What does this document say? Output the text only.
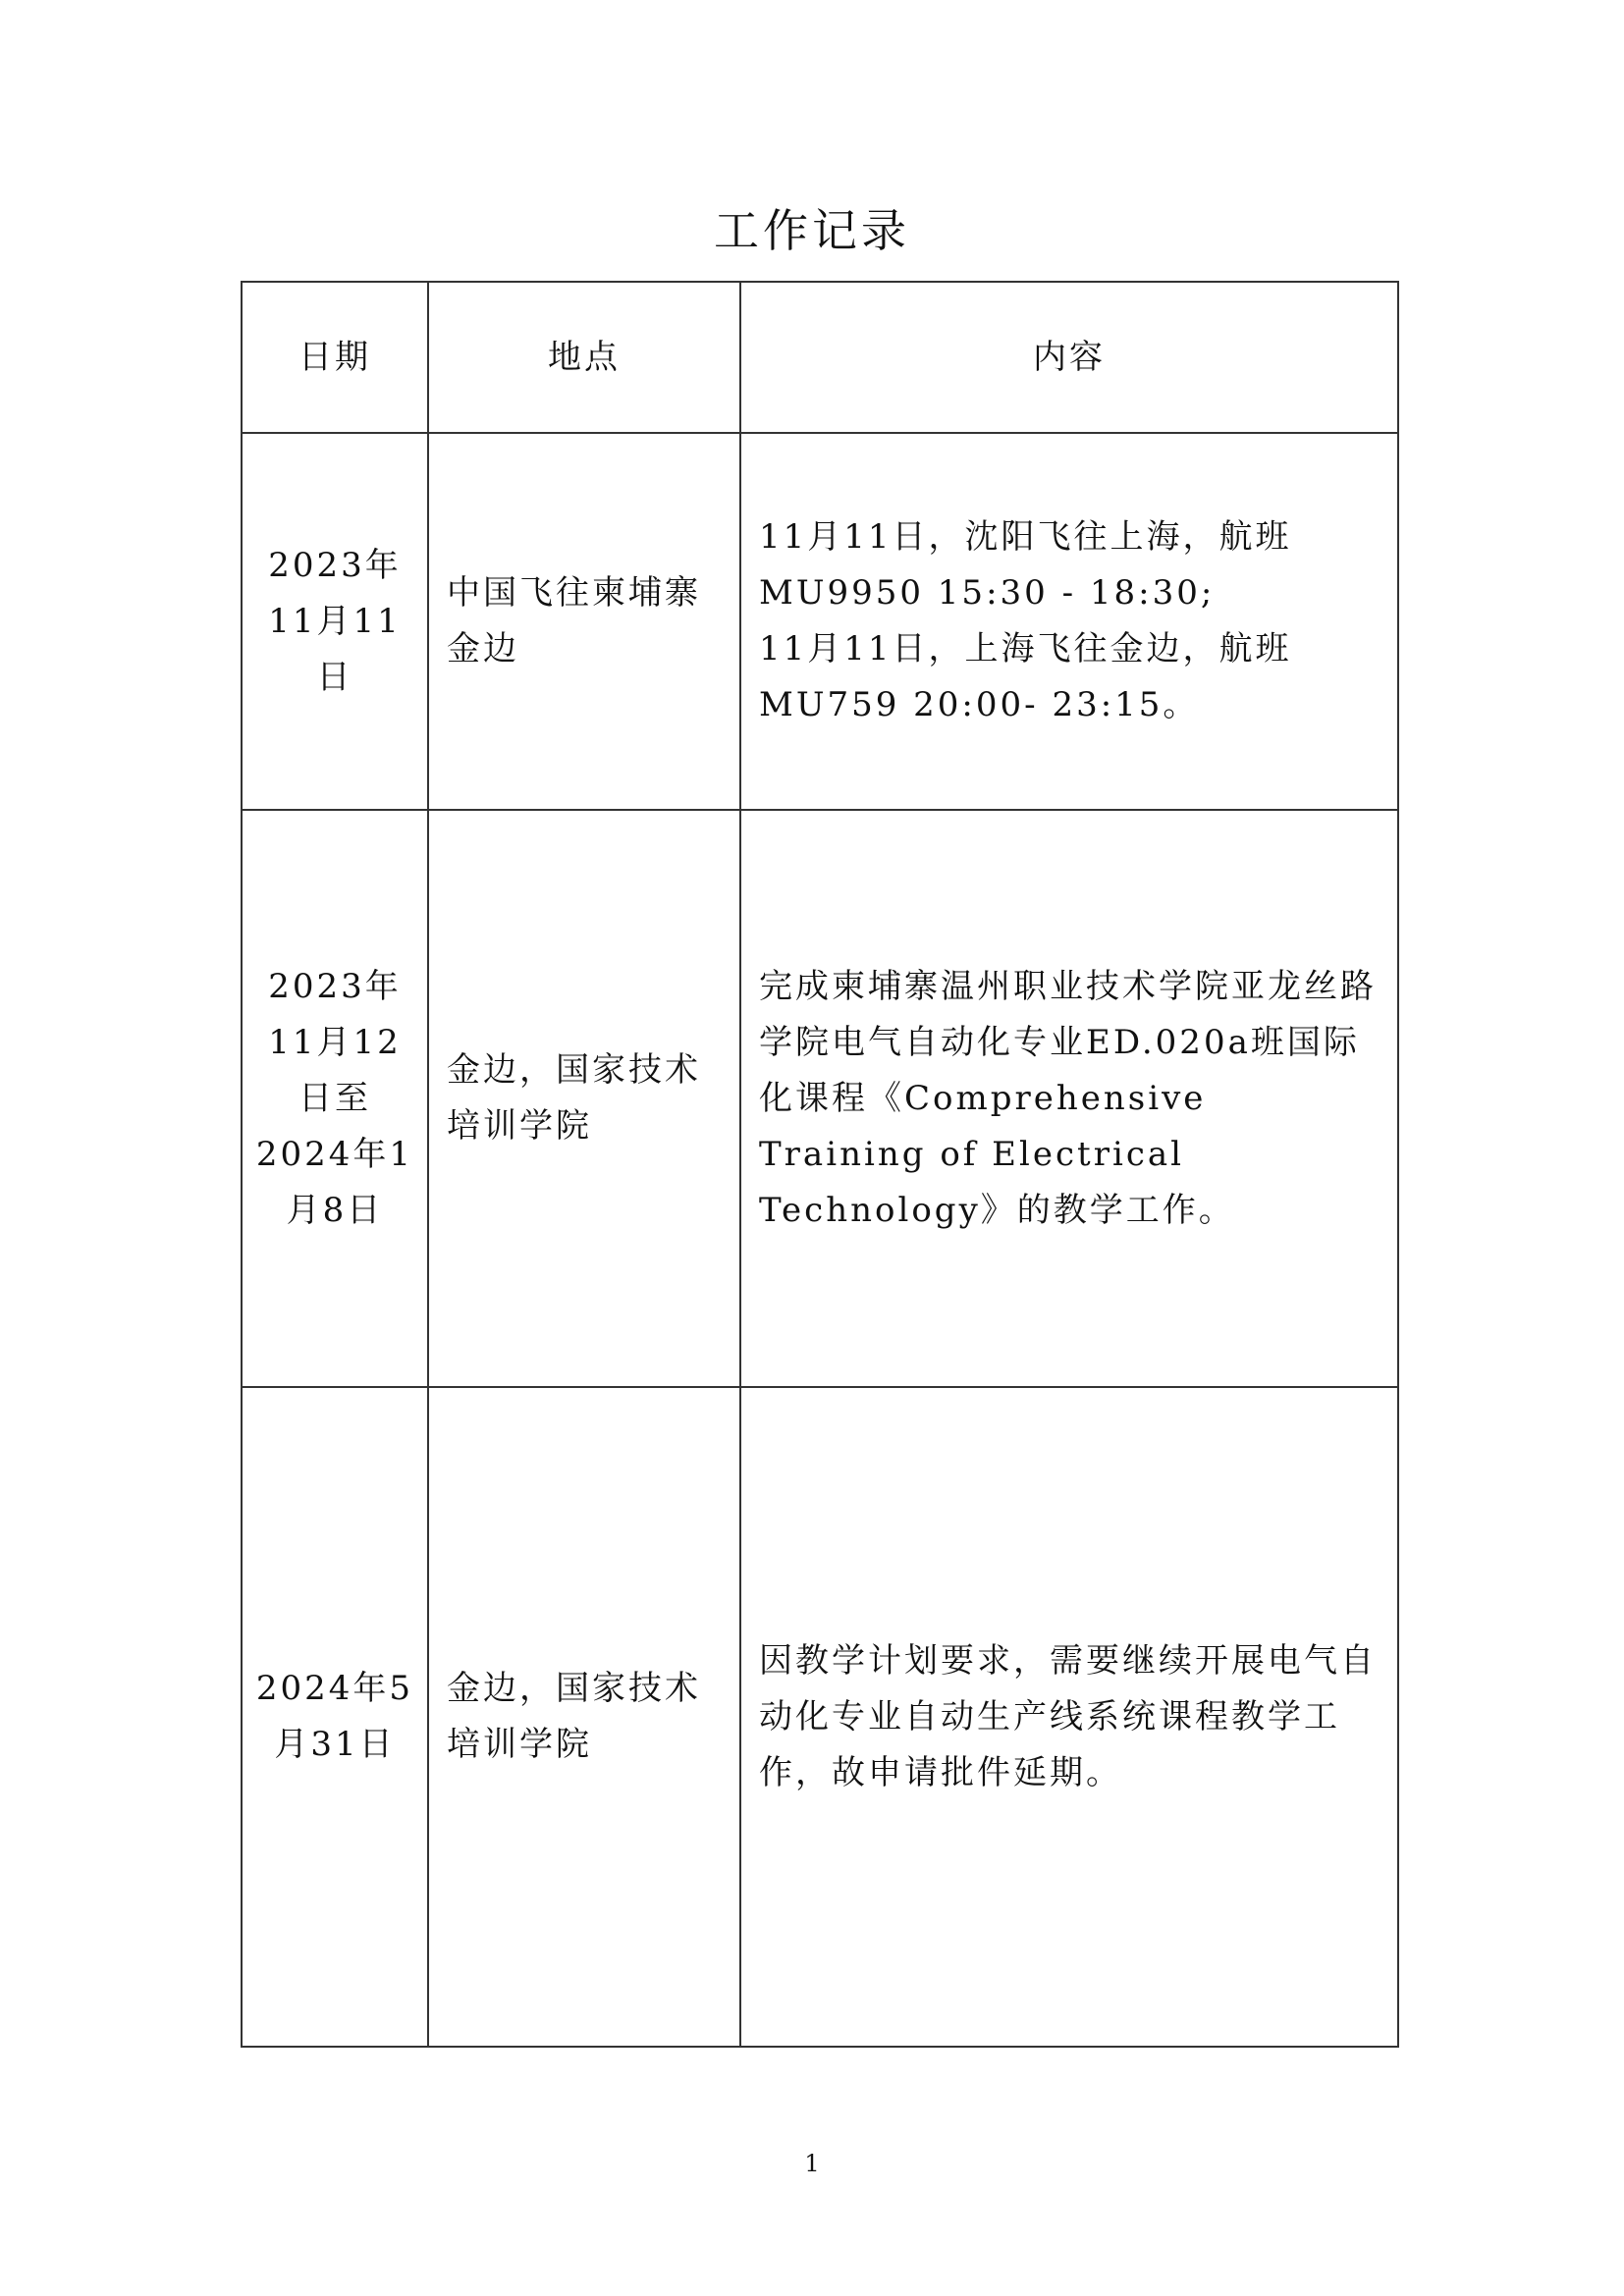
工作记录
日期	地点	内容
2023年11月11日	中国飞往柬埔寨金边	11月11日，沈阳飞往上海，航班MU9950 15:30 - 18:30;
11月11日，上海飞往金边，航班MU759 20:00- 23:15。

2023年11月12日至2024年1月8日	金边，国家技术培训学院	完成柬埔寨温州职业技术学院亚龙丝路学院电气自动化专业ED.020a班国际化课程《Comprehensive Training of Electrical Technology》的教学工作。

2024年5月31日	金边，国家技术培训学院	因教学计划要求，需要继续开展电气自动化专业自动生产线系统课程教学工作，故申请批件延期。
1
